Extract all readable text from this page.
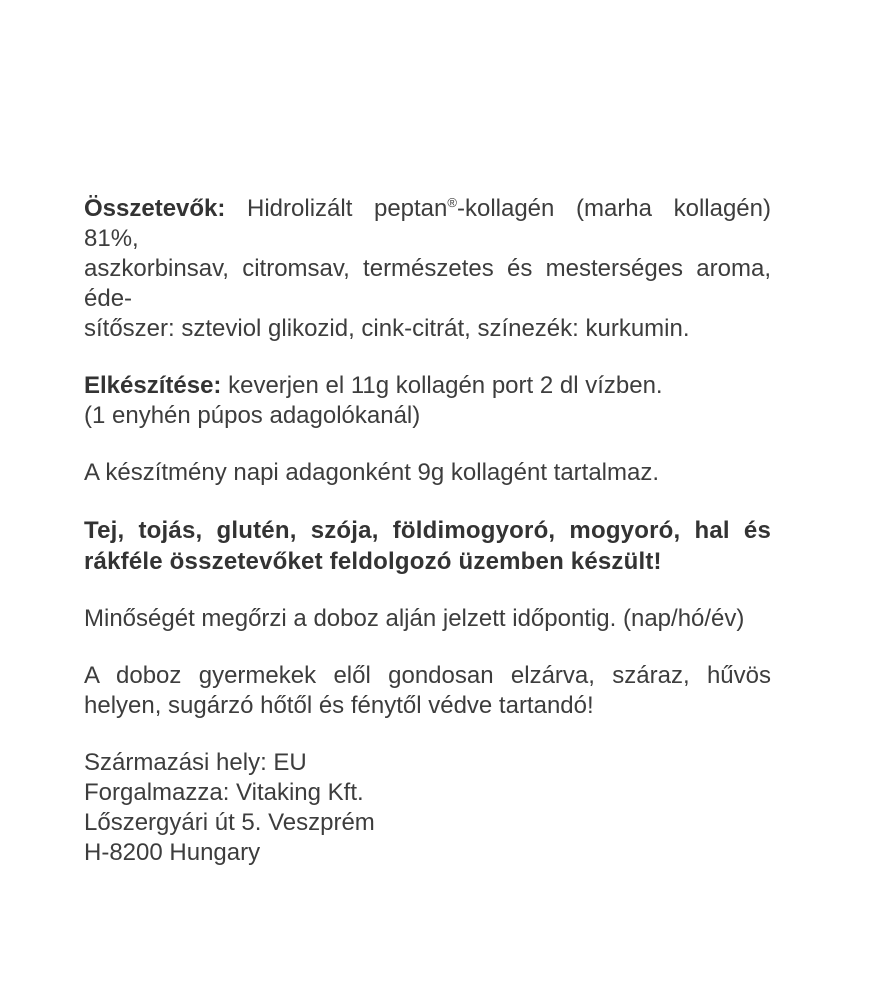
Összetevők: Hidrolizált peptan®-kollagén (marha kollagén) 81%,
aszkorbinsav, citromsav, természetes és mesterséges aroma, éde-
sítőszer: szteviol glikozid, cink-citrát, színezék: kurkumin.
Elkészítése: keverjen el 11g kollagén port 2 dl vízben.
(1 enyhén púpos adagolókanál)
A készítmény napi adagonként 9g kollagént tartalmaz.
Tej, tojás, glutén, szója, földimogyoró, mogyoró, hal és
rákféle összetevőket feldolgozó üzemben készült!
Minőségét megőrzi a doboz alján jelzett időpontig. (nap/hó/év)
A doboz gyermekek elől gondosan elzárva, száraz, hűvös
helyen, sugárzó hőtől és fénytől védve tartandó!
Származási hely: EU
Forgalmazza: Vitaking Kft.
Lőszergyári út 5. Veszprém
H-8200 Hungary
